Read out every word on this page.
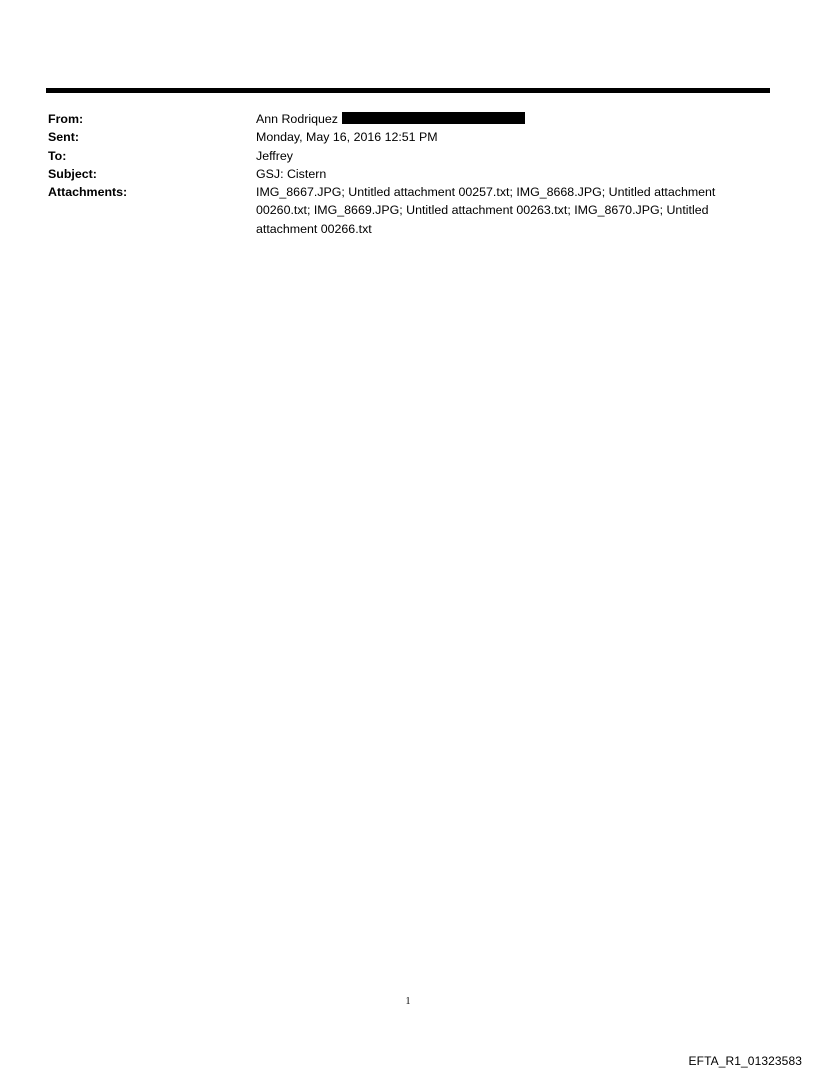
From:	Ann Rodriquez
Sent:	Monday, May 16, 2016 12:51 PM
To:	Jeffrey
Subject:	GSJ: Cistern
Attachments:	IMG_8667.JPG; Untitled attachment 00257.txt; IMG_8668.JPG; Untitled attachment 00260.txt; IMG_8669.JPG; Untitled attachment 00263.txt; IMG_8670.JPG; Untitled attachment 00266.txt
1
EFTA_R1_01323583
